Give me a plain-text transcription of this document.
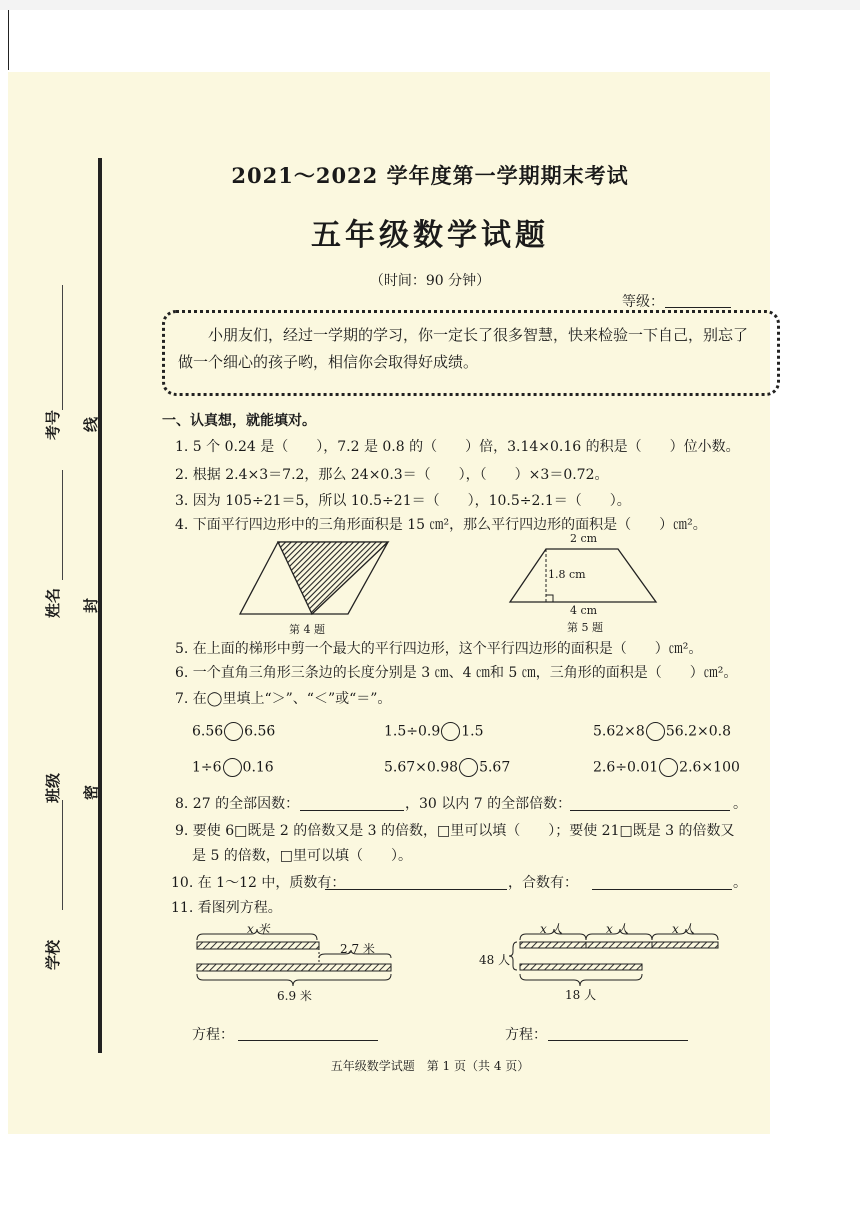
考号
姓名
班级
学校
线
封
密
2021～2022 学年度第一学期期末考试
五年级数学试题
（时间：90 分钟）
等级：
小朋友们，经过一学期的学习，你一定长了很多智慧，快来检验一下自己，别忘了做一个细心的孩子哟，相信你会取得好成绩。
一、认真想，就能填对。
1. 5 个 0.24 是（　　），7.2 是 0.8 的（　　）倍，3.14×0.16 的积是（　　）位小数。
2. 根据 2.4×3＝7.2，那么 24×0.3＝（　　），（　　）×3＝0.72。
3. 因为 105÷21＝5，所以 10.5÷21＝（　　），10.5÷2.1＝（　　）。
4. 下面平行四边形中的三角形面积是 15 ㎝²，那么平行四边形的面积是（　　）㎝²。
第 4 题
2 cm
1.8 cm
4 cm
第 5 题
5. 在上面的梯形中剪一个最大的平行四边形，这个平行四边形的面积是（　　）㎝²。
6. 一个直角三角形三条边的长度分别是 3 ㎝、4 ㎝和 5 ㎝，三角形的面积是（　　）㎝²。
7. 在◯里填上“＞”、“＜”或“＝”。
6.56̇ 6.5̇6̇	1.5÷0.9 1.5	5.62×8 56.2×0.8
1÷6 0.16̇	5.67×0.98 5.67	2.6÷0.01 2.6×100
8. 27 的全部因数：	，30 以内 7 的全部倍数：	。
9. 要使 6□既是 2 的倍数又是 3 的倍数，□里可以填（　　）；要使 21□既是 3 的倍数又
是 5 的倍数，□里可以填（　　）。
10. 在 1～12 中，质数有：	，合数有：	。
11. 看图列方程。
x 米
2.7 米
6.9 米
x 人	x 人	x 人
48 人
18 人
方程：	方程：
五年级数学试题　第 1 页（共 4 页）
